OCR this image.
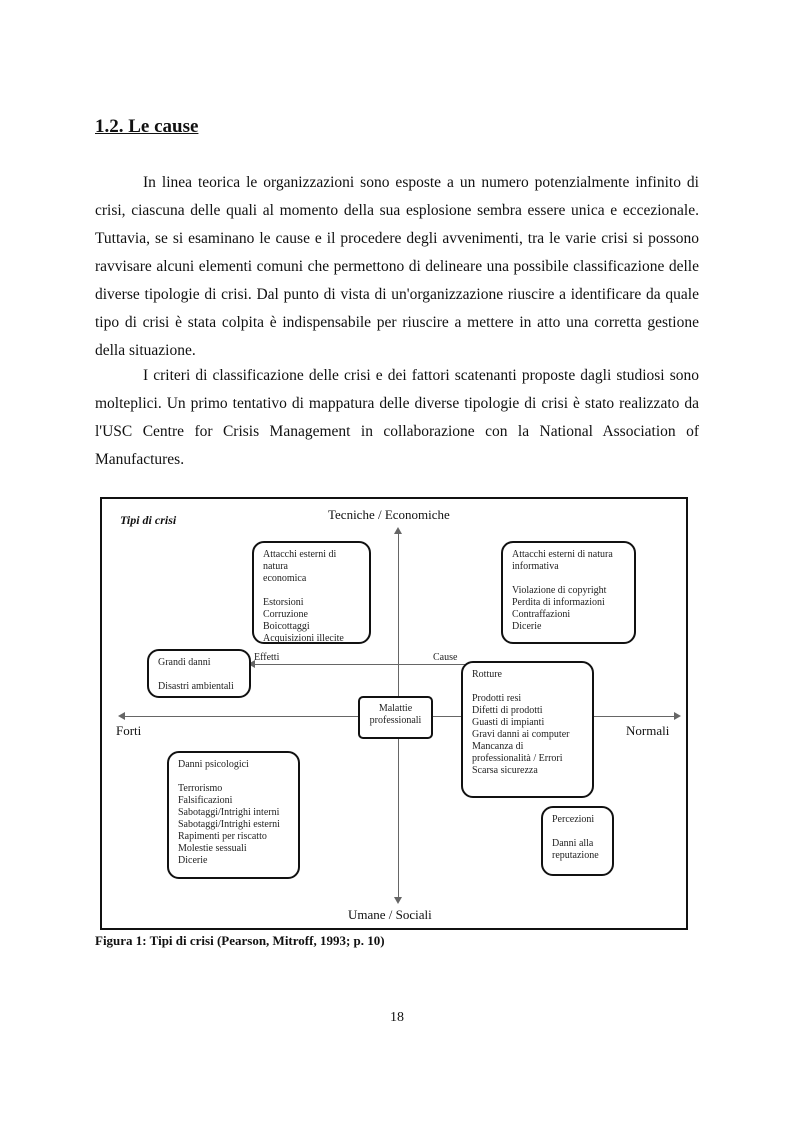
1.2. Le cause

In linea teorica le organizzazioni sono esposte a un numero potenzialmente infinito di crisi, ciascuna delle quali al momento della sua esplosione sembra essere unica e eccezionale. Tuttavia, se si esaminano le cause e il procedere degli avvenimenti, tra le varie crisi si possono ravvisare alcuni elementi comuni che permettono di delineare una possibile classificazione delle diverse tipologie di crisi. Dal punto di vista di un'organizzazione riuscire a identificare da quale tipo di crisi è stata colpita è indispensabile per riuscire a mettere in atto una corretta gestione della situazione.

I criteri di classificazione delle crisi e dei fattori scatenanti proposte dagli studiosi sono molteplici. Un primo tentativo di mappatura delle diverse tipologie di crisi è stato realizzato da l'USC Centre for Crisis Management in collaborazione con la National Association of Manufactures.

Tipi di crisi	Tecniche / Economiche
Umane / Sociali
Forti	Normali
Effetti	Cause
Attacchi esterni di natura
economica
Estorsioni
Corruzione
Boicottaggi
Acquisizioni illecite
Attacchi esterni di natura
informativa
Violazione di copyright
Perdita di informazioni
Contraffazioni
Dicerie
Grandi danni
Disastri ambientali
Malattie
professionali
Rotture
Prodotti resi
Difetti di prodotti
Guasti di impianti
Gravi danni ai computer
Mancanza di
professionalità / Errori
Scarsa sicurezza
Danni psicologici
Terrorismo
Falsificazioni
Sabotaggi/Intrighi interni
Sabotaggi/Intrighi esterni
Rapimenti per riscatto
Molestie sessuali
Dicerie
Percezioni
Danni alla
reputazione
Figura 1: Tipi di crisi (Pearson, Mitroff, 1993; p. 10)
18
